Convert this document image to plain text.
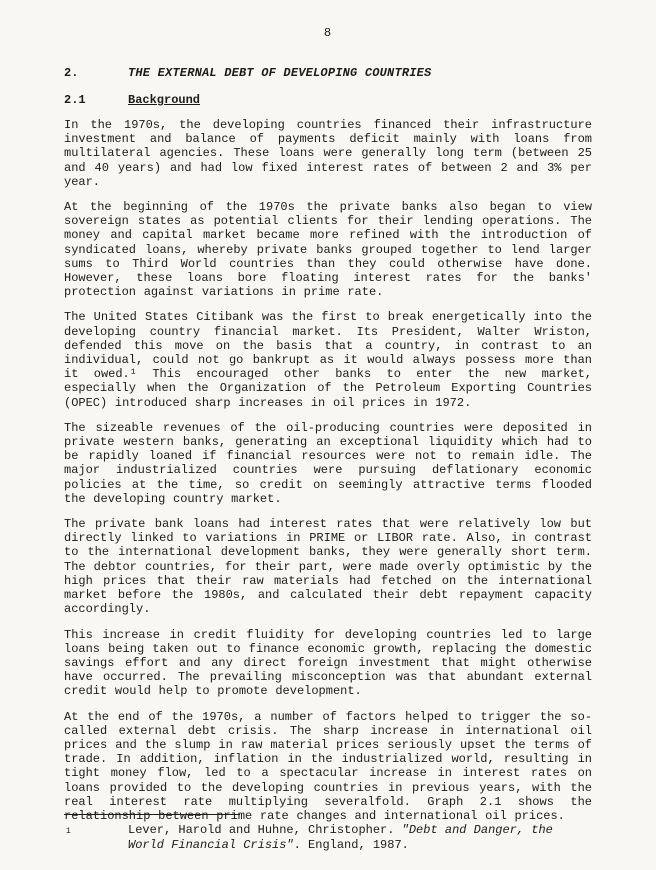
8
2.	THE EXTERNAL DEBT OF DEVELOPING COUNTRIES
2.1	Background

In the 1970s, the developing countries financed their infrastructure investment and balance of payments deficit mainly with loans from multilateral agencies. These loans were generally long term (between 25 and 40 years) and had low fixed interest rates of between 2 and 3% per year.

At the beginning of the 1970s the private banks also began to view sovereign states as potential clients for their lending operations. The money and capital market became more refined with the introduction of syndicated loans, whereby private banks grouped together to lend larger sums to Third World countries than they could otherwise have done. However, these loans bore floating interest rates for the banks' protection against variations in prime rate.

The United States Citibank was the first to break energetically into the developing country financial market. Its President, Walter Wriston, defended this move on the basis that a country, in contrast to an individual, could not go bankrupt as it would always possess more than it owed.¹ This encouraged other banks to enter the new market, especially when the Organization of the Petroleum Exporting Countries (OPEC) introduced sharp increases in oil prices in 1972.

The sizeable revenues of the oil-producing countries were deposited in private western banks, generating an exceptional liquidity which had to be rapidly loaned if financial resources were not to remain idle. The major industrialized countries were pursuing deflationary economic policies at the time, so credit on seemingly attractive terms flooded the developing country market.

The private bank loans had interest rates that were relatively low but directly linked to variations in PRIME or LIBOR rate. Also, in contrast to the international development banks, they were generally short term. The debtor countries, for their part, were made overly optimistic by the high prices that their raw materials had fetched on the international market before the 1980s, and calculated their debt repayment capacity accordingly.

This increase in credit fluidity for developing countries led to large loans being taken out to finance economic growth, replacing the domestic savings effort and any direct foreign investment that might otherwise have occurred. The prevailing misconception was that abundant external credit would help to promote development.

At the end of the 1970s, a number of factors helped to trigger the so-called external debt crisis. The sharp increase in international oil prices and the slump in raw material prices seriously upset the terms of trade. In addition, inflation in the industrialized world, resulting in tight money flow, led to a spectacular increase in interest rates on loans provided to the developing countries in previous years, with the real interest rate multiplying severalfold. Graph 2.1 shows the relationship between prime rate changes and international oil prices.

1	Lever, Harold and Huhne, Christopher. "Debt and Danger, the World Financial Crisis". England, 1987.
